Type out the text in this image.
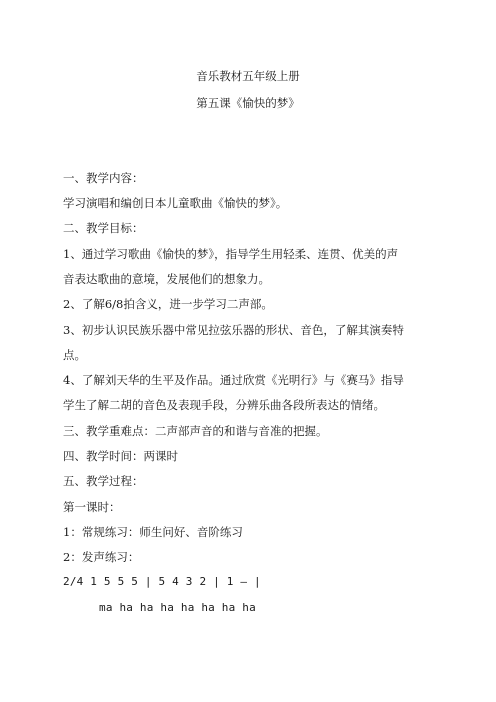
音乐教材五年级上册
第五课《愉快的梦》
一、教学内容：
学习演唱和编创日本儿童歌曲《愉快的梦》。
二、教学目标：
1、通过学习歌曲《愉快的梦》，指导学生用轻柔、连贯、优美的声
音表达歌曲的意境，发展他们的想象力。
2、了解6/8拍含义，进一步学习二声部。
3、初步认识民族乐器中常见拉弦乐器的形状、音色，了解其演奏特
点。
4、了解刘天华的生平及作品。通过欣赏《光明行》与《赛马》指导
学生了解二胡的音色及表现手段，分辨乐曲各段所表达的情绪。
三、教学重难点：二声部声音的和谐与音准的把握。
四、教学时间：两课时
五、教学过程：
第一课时：
1：常规练习：师生问好、音阶练习
2：发声练习：
2/4 1 5 5 5 | 5 4 3 2 | 1 — |
ma ha ha ha ha ha ha ha
